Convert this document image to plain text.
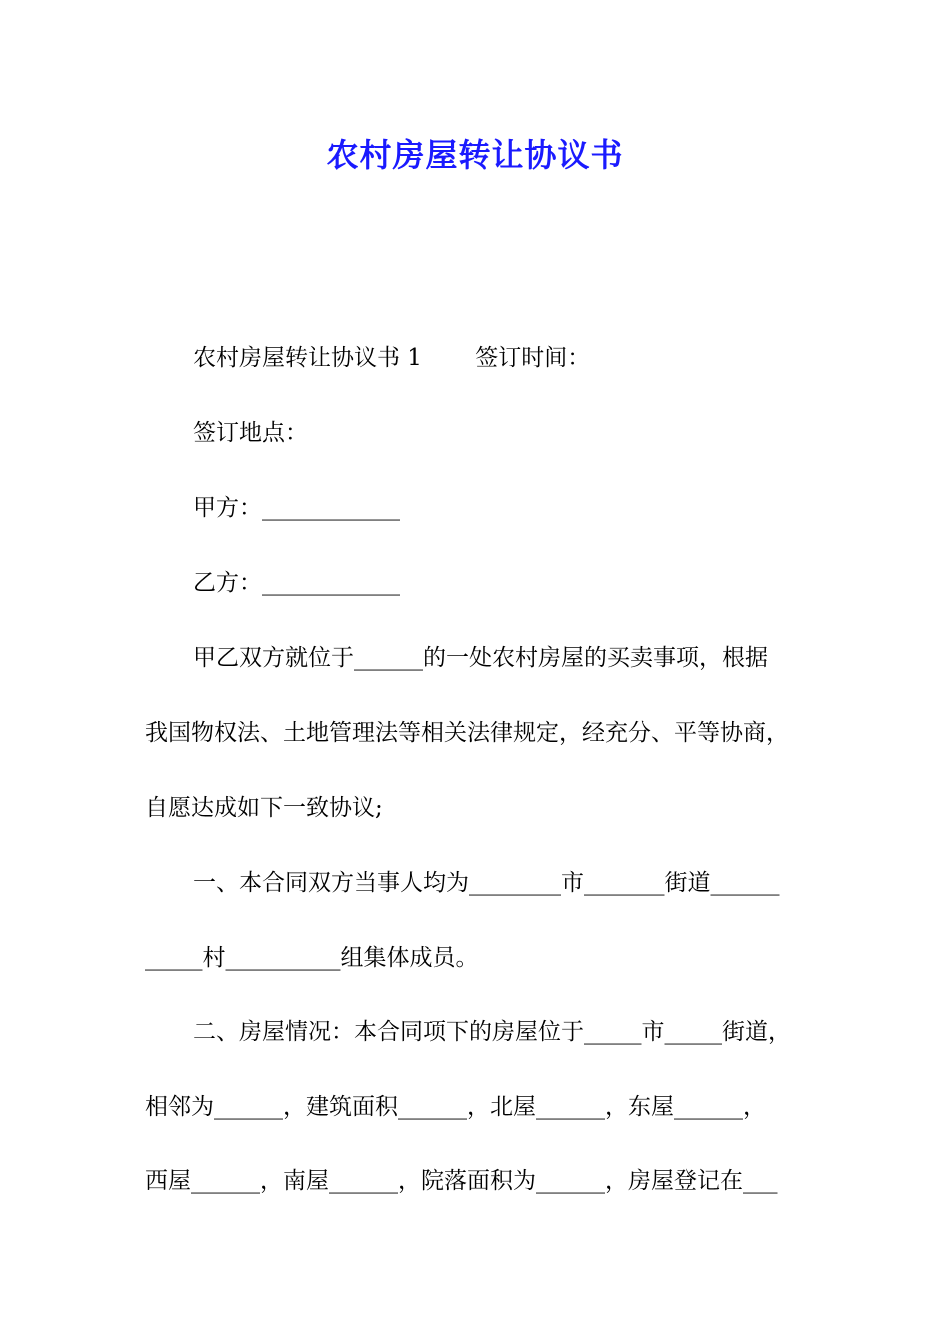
农村房屋转让协议书
农村房屋转让协议书 1　 　签订时间：
签订地点：
甲方：____________
乙方：____________
甲乙双方就位于______的一处农村房屋的买卖事项，根据
我国物权法、土地管理法等相关法律规定，经充分、平等协商，
自愿达成如下一致协议;
一、本合同双方当事人均为________市_______街道______
_____村__________组集体成员。
二、房屋情况：本合同项下的房屋位于_____市_____街道，
相邻为______，建筑面积______，北屋______，东屋______，
西屋______，南屋______，院落面积为______，房屋登记在___
